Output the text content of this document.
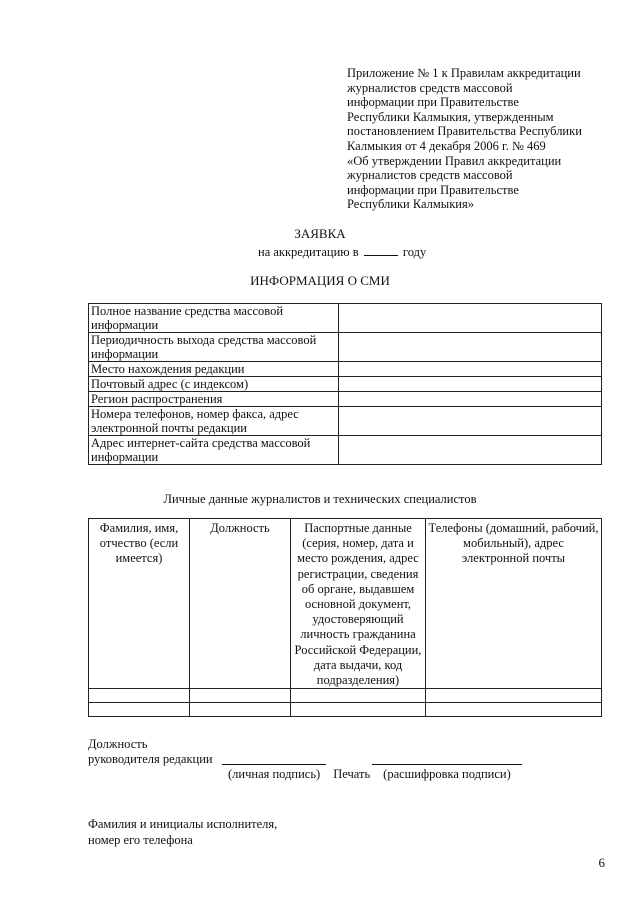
Приложение № 1 к Правилам аккредитации
журналистов средств массовой
информации при Правительстве
Республики Калмыкия, утвержденным
постановлением Правительства Республики
Калмыкия от 4 декабря 2006 г. № 469
«Об утверждении Правил аккредитации
журналистов средств массовой
информации при Правительстве
Республики Калмыкия»
ЗАЯВКА
на аккредитацию в	году
ИНФОРМАЦИЯ О СМИ
Полное название средства массовой информации	
Периодичность выхода средства массовой информации	
Место нахождения редакции	
Почтовый адрес (с индексом)	
Регион распространения	
Номера телефонов, номер факса, адрес электронной почты редакции	
Адрес интернет-сайта средства массовой информации	
Личные данные журналистов и технических специалистов
Фамилия, имя, отчество (если имеется)	Должность	Паспортные данные (серия, номер, дата и место рождения, адрес регистрации, сведения об органе, выдавшем основной документ, удостоверяющий личность гражданина Российской Федерации, дата выдачи, код подразделения)	Телефоны (домашний, рабочий, мобильный), адрес электронной почты

Должность
руководителя редакции
(личная подпись) Печать (расшифровка подписи)
Фамилия и инициалы исполнителя,
номер его телефона
6
